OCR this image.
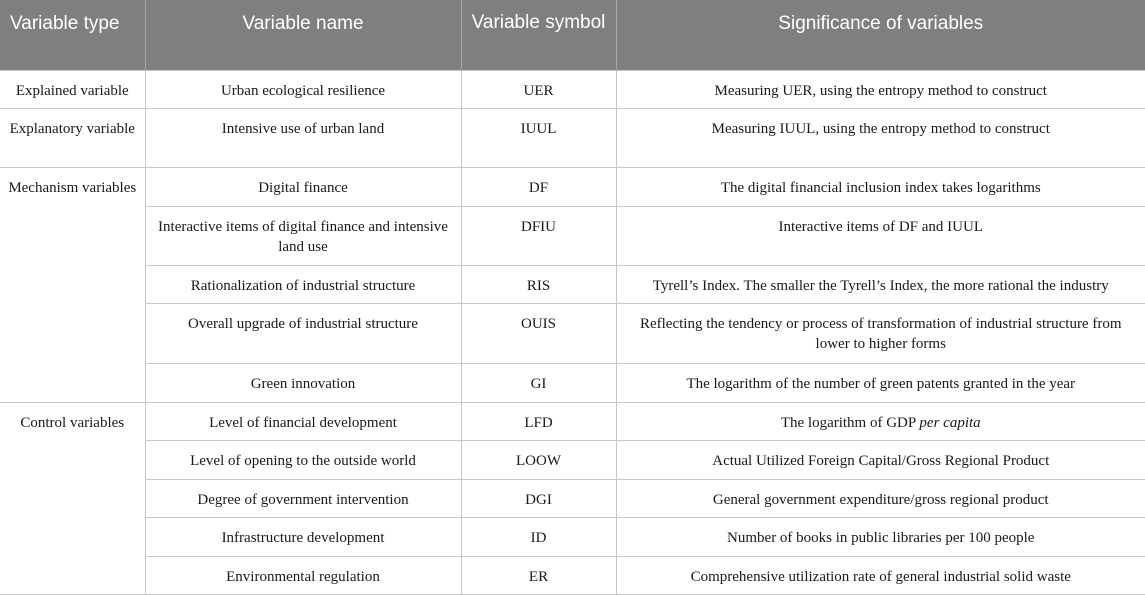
Variable type	Variable name	Variable symbol	Significance of variables
Explained variable	Urban ecological resilience	UER	Measuring UER, using the entropy method to construct
Explanatory variable	Intensive use of urban land	IUUL	Measuring IUUL, using the entropy method to construct
Mechanism variables	Digital finance	DF	The digital financial inclusion index takes logarithms
	Interactive items of digital finance and intensive land use	DFIU	Interactive items of DF and IUUL
	Rationalization of industrial structure	RIS	Tyrell’s Index. The smaller the Tyrell’s Index, the more rational the industry
	Overall upgrade of industrial structure	OUIS	Reflecting the tendency or process of transformation of industrial structure from lower to higher forms
	Green innovation	GI	The logarithm of the number of green patents granted in the year
Control variables	Level of financial development	LFD	The logarithm of GDP per capita
	Level of opening to the outside world	LOOW	Actual Utilized Foreign Capital/Gross Regional Product
	Degree of government intervention	DGI	General government expenditure/gross regional product
	Infrastructure development	ID	Number of books in public libraries per 100 people
	Environmental regulation	ER	Comprehensive utilization rate of general industrial solid waste
